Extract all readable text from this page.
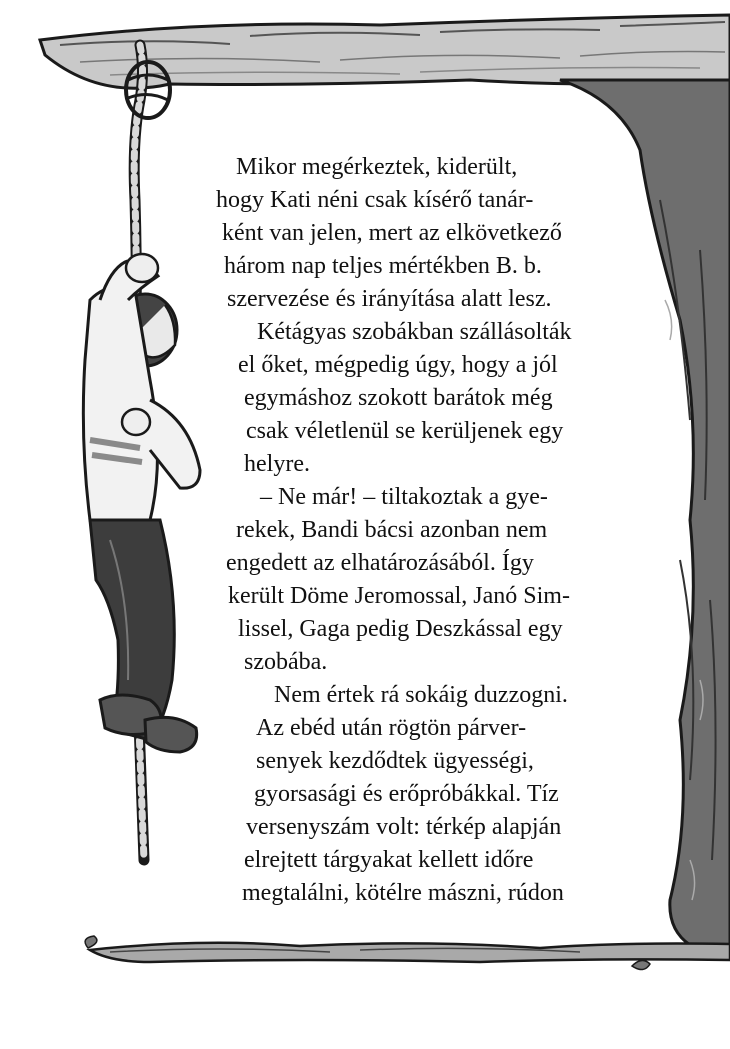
Mikor megérkeztek, kiderült,
hogy Kati néni csak kísérő tanár-
ként van jelen, mert az elkövetkező
három nap teljes mértékben B. b.
szervezése és irányítása alatt lesz.
Kétágyas szobákban szállásolták
el őket, mégpedig úgy, hogy a jól
egymáshoz szokott barátok még
csak véletlenül se kerüljenek egy
helyre.
– Ne már! – tiltakoztak a gye-
rekek, Bandi bácsi azonban nem
engedett az elhatározásából. Így
került Döme Jeromossal, Janó Sim-
lissel, Gaga pedig Deszkással egy
szobába.
Nem értek rá sokáig duzzogni.
Az ebéd után rögtön párver-
senyek kezdődtek ügyességi,
gyorsasági és erőpróbákkal. Tíz
versenyszám volt: térkép alapján
elrejtett tárgyakat kellett időre
megtalálni, kötélre mászni, rúdon
